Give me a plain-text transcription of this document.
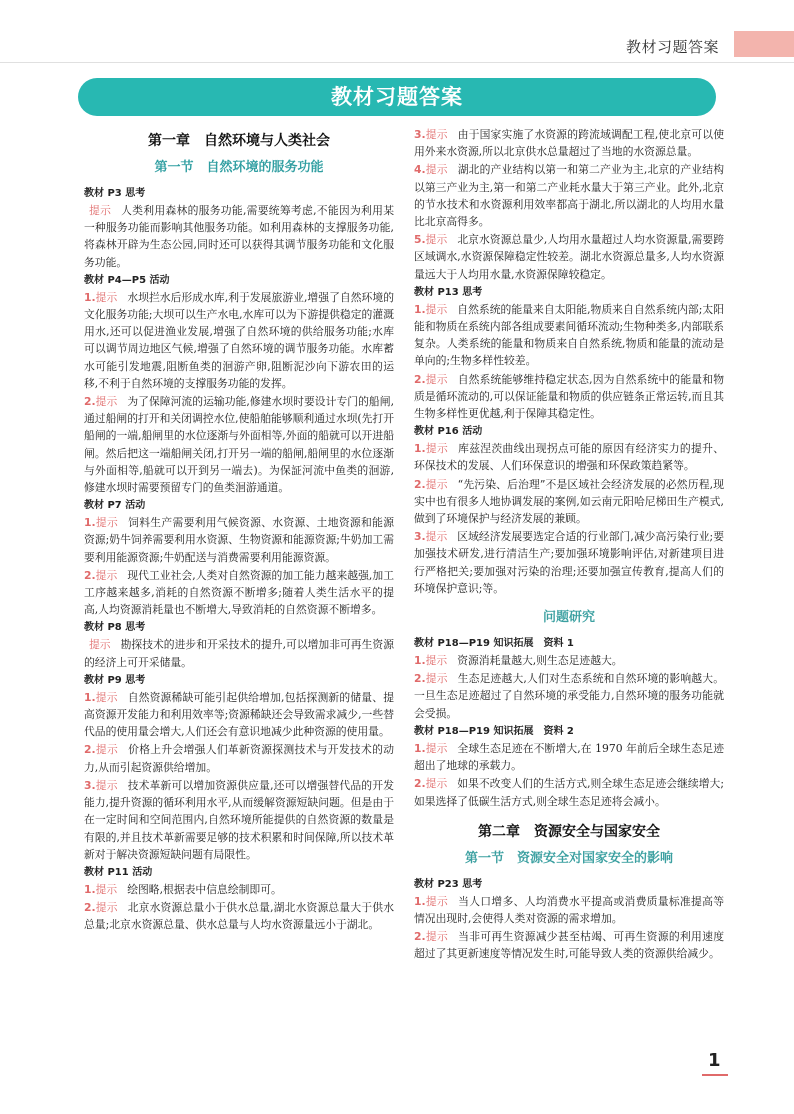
教材习题答案
教材习题答案
第一章　自然环境与人类社会
第一节　自然环境的服务功能
教材 P3 思考
提示 人类利用森林的服务功能,需要统筹考虑,不能因为利用某一种服务功能而影响其他服务功能。如利用森林的支撑服务功能,将森林开辟为生态公园,同时还可以获得其调节服务功能和文化服务功能。
教材 P4—P5 活动
1.提示 水坝拦水后形成水库,利于发展旅游业,增强了自然环境的文化服务功能;大坝可以生产水电,水库可以为下游提供稳定的灌溉用水,还可以促进渔业发展,增强了自然环境的供给服务功能;水库可以调节周边地区气候,增强了自然环境的调节服务功能。水库蓄水可能引发地震,阻断鱼类的洄游产卵,阻断泥沙向下游农田的运移,不利于自然环境的支撑服务功能的发挥。
2.提示 为了保障河流的运输功能,修建水坝时要设计专门的船闸,通过船闸的打开和关闭调控水位,使船舶能够顺利通过水坝(先打开船闸的一端,船闸里的水位逐渐与外面相等,外面的船就可以开进船闸。然后把这一端船闸关闭,打开另一端的船闸,船闸里的水位逐渐与外面相等,船就可以开到另一端去)。为保証河流中鱼类的洄游,修建水坝时需要预留专门的鱼类洄游通道。
教材 P7 活动
1.提示 饲料生产需要利用气候资源、水资源、土地资源和能源资源;奶牛饲养需要利用水资源、生物资源和能源资源;牛奶加工需要利用能源资源;牛奶配送与消费需要利用能源资源。
2.提示 现代工业社会,人类对自然资源的加工能力越来越强,加工工序越来越多,消耗的自然资源不断增多;随着人类生活水平的提高,人均资源消耗量也不断增大,导致消耗的自然资源不断增多。
教材 P8 思考
提示 勘探技术的进步和开采技术的提升,可以增加非可再生资源的经济上可开采储量。
教材 P9 思考
1.提示 自然资源稀缺可能引起供给增加,包括探测新的储量、提高资源开发能力和利用效率等;资源稀缺还会导致需求减少,一些替代品的使用量会增大,人们还会有意识地减少此种资源的使用量。
2.提示 价格上升会增强人们革新资源探测技术与开发技术的动力,从而引起资源供给增加。
3.提示 技术革新可以增加资源供应量,还可以增强替代品的开发能力,提升资源的循环利用水平,从而缓解资源短缺问题。但是由于在一定时间和空间范围内,自然环境所能提供的自然资源的数量是有限的,并且技术革新需要足够的技术积累和时间保障,所以技术革新对于解决资源短缺问题有局限性。
教材 P11 活动
1.提示 绘图略,根据表中信息绘制即可。
2.提示 北京水资源总量小于供水总量,湖北水资源总量大于供水总量;北京水资源总量、供水总量与人均水资源量远小于湖北。
3.提示 由于国家实施了水资源的跨流域调配工程,使北京可以使用外来水资源,所以北京供水总量超过了当地的水资源总量。
4.提示 湖北的产业结构以第一和第二产业为主,北京的产业结构以第三产业为主,第一和第二产业耗水量大于第三产业。此外,北京的节水技术和水资源利用效率都高于湖北,所以湖北的人均用水量比北京高得多。
5.提示 北京水资源总量少,人均用水量超过人均水资源量,需要跨区域调水,水资源保障稳定性较差。湖北水资源总量多,人均水资源量远大于人均用水量,水资源保障较稳定。
教材 P13 思考
1.提示 自然系统的能量来自太阳能,物质来自自然系统内部;太阳能和物质在系统内部各组成要素间循环流动;生物种类多,内部联系复杂。人类系统的能量和物质来自自然系统,物质和能量的流动是单向的;生物多样性较差。
2.提示 自然系统能够维持稳定状态,因为自然系统中的能量和物质是循环流动的,可以保证能量和物质的供应链条正常运转,而且其生物多样性更优越,利于保障其稳定性。
教材 P16 活动
1.提示 库兹涅茨曲线出现拐点可能的原因有经济实力的提升、环保技术的发展、人们环保意识的增强和环保政策趋紧等。
2.提示 “先污染、后治理”不是区域社会经济发展的必然历程,现实中也有很多人地协调发展的案例,如云南元阳哈尼梯田生产模式,做到了环境保护与经济发展的兼顾。
3.提示 区域经济发展要选定合适的行业部门,减少高污染行业;要加强技术研发,进行清洁生产;要加强环境影响评估,对新建项目进行严格把关;要加强对污染的治理;还要加强宣传教育,提高人们的环境保护意识;等。
问题研究
教材 P18—P19 知识拓展　资料 1
1.提示 资源消耗量越大,则生态足迹越大。
2.提示 生态足迹越大,人们对生态系统和自然环境的影响越大。一旦生态足迹超过了自然环境的承受能力,自然环境的服务功能就会受损。
教材 P18—P19 知识拓展　资料 2
1.提示 全球生态足迹在不断增大,在 1970 年前后全球生态足迹超出了地球的承载力。
2.提示 如果不改变人们的生活方式,则全球生态足迹会继续增大;如果选择了低碳生活方式,则全球生态足迹将会减小。
第二章　资源安全与国家安全
第一节　资源安全对国家安全的影响
教材 P23 思考
1.提示 当人口增多、人均消费水平提高或消费质量标准提高等情况出现时,会使得人类对资源的需求增加。
2.提示 当非可再生资源减少甚至枯竭、可再生资源的利用速度超过了其更新速度等情况发生时,可能导致人类的资源供给减少。
1
